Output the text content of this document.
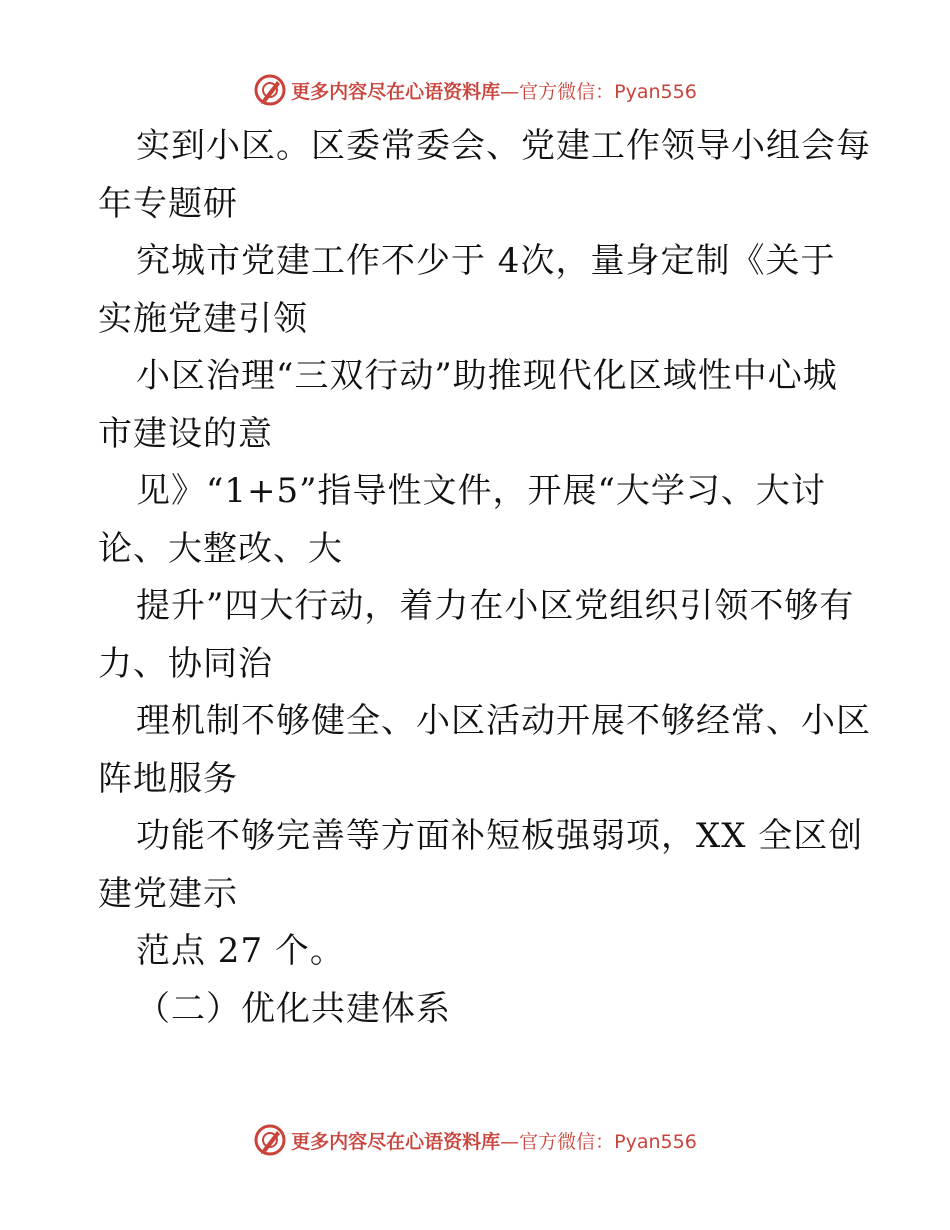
更多内容尽在心语资料库—官方微信：Pyan556
实到小区。区委常委会、党建工作领导小组会每
年专题研
究城市党建工作不少于 4次，量身定制《关于
实施党建引领
小区治理“三双行动”助推现代化区域性中心城
市建设的意
见》“1+5”指导性文件，开展“大学习、大讨
论、大整改、大
提升”四大行动，着力在小区党组织引领不够有
力、协同治
理机制不够健全、小区活动开展不够经常、小区
阵地服务
功能不够完善等方面补短板强弱项，XX 全区创
建党建示
范点 27 个。
（二）优化共建体系
更多内容尽在心语资料库—官方微信：Pyan556
